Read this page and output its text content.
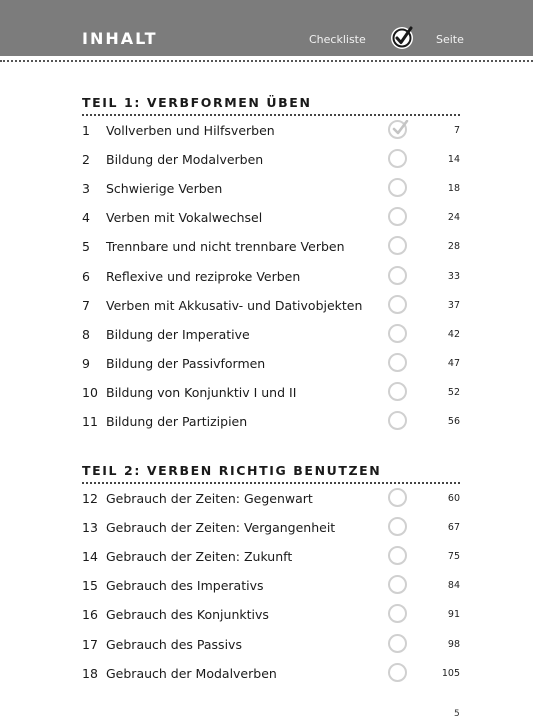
INHALT	Checkliste	Seite
TEIL 1: VERBFORMEN ÜBEN
1 Vollverben und Hilfsverben	7
2 Bildung der Modalverben	14
3 Schwierige Verben	18
4 Verben mit Vokalwechsel	24
5 Trennbare und nicht trennbare Verben	28
6 Reflexive und reziproke Verben	33
7 Verben mit Akkusativ- und Dativobjekten	37
8 Bildung der Imperative	42
9 Bildung der Passivformen	47
10 Bildung von Konjunktiv I und II	52
11 Bildung der Partizipien	56
TEIL 2: VERBEN RICHTIG BENUTZEN
12 Gebrauch der Zeiten: Gegenwart	60
13 Gebrauch der Zeiten: Vergangenheit	67
14 Gebrauch der Zeiten: Zukunft	75
15 Gebrauch des Imperativs	84
16 Gebrauch des Konjunktivs	91
17 Gebrauch des Passivs	98
18 Gebrauch der Modalverben	105
5
